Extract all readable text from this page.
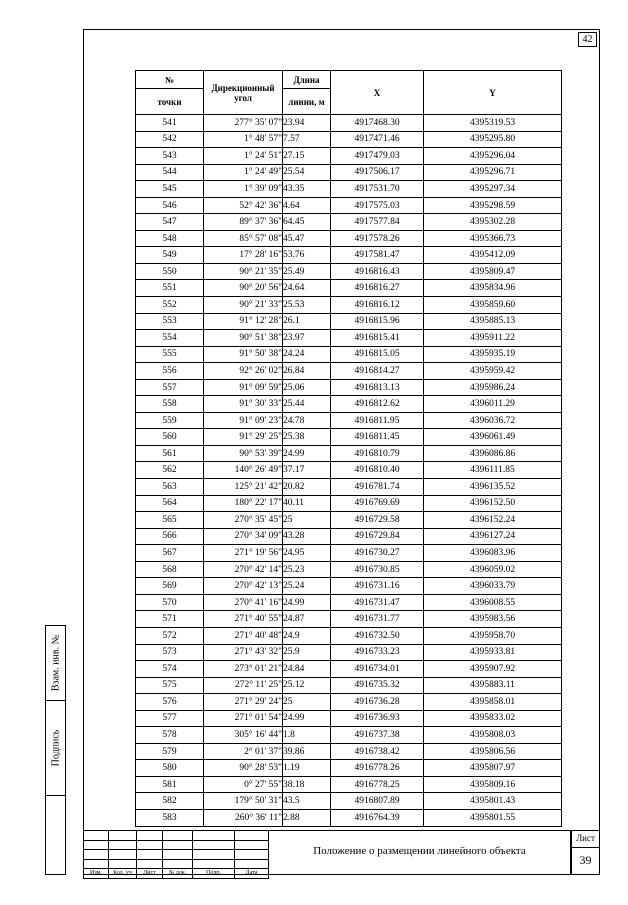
42
№	Дирекционный угол	Длина	X	Y
точки		линии, м		
541	277° 35' 07"	23.94	4917468.30	4395319.53
542	1° 48' 57"	7.57	4917471.46	4395295.80
543	1° 24' 51"	27.15	4917479.03	4395296.04
544	1° 24' 49"	25.54	4917506.17	4395296.71
545	1° 39' 09"	43.35	4917531.70	4395297.34
546	52° 42' 36"	4.64	4917575.03	4395298.59
547	89° 37' 36"	64.45	4917577.84	4395302.28
548	85° 57' 08"	45.47	4917578.26	4395366.73
549	17° 28' 16"	53.76	4917581.47	4395412.09
550	90° 21' 35"	25.49	4916816.43	4395809.47
551	90° 20' 56"	24.64	4916816.27	4395834.96
552	90° 21' 33"	25.53	4916816.12	4395859.60
553	91° 12' 28"	26.1	4916815.96	4395885.13
554	90° 51' 38"	23.97	4916815.41	4395911.22
555	91° 50' 38"	24.24	4916815.05	4395935.19
556	92° 26' 02"	26.84	4916814.27	4395959.42
557	91° 09' 59"	25.06	4916813.13	4395986.24
558	91° 30' 33"	25.44	4916812.62	4396011.29
559	91° 09' 23"	24.78	4916811.95	4396036.72
560	91° 29' 25"	25.38	4916811.45	4396061.49
561	90° 53' 39"	24.99	4916810.79	4396086.86
562	140° 26' 49"	37.17	4916810.40	4396111.85
563	125° 21' 42"	20.82	4916781.74	4396135.52
564	180° 22' 17"	40.11	4916769.69	4396152.50
565	270° 35' 45"	25	4916729.58	4396152.24
566	270° 34' 09"	43.28	4916729.84	4396127.24
567	271° 19' 56"	24.95	4916730.27	4396083.96
568	270° 42' 14"	25.23	4916730.85	4396059.02
569	270° 42' 13"	25.24	4916731.16	4396033.79
570	270° 41' 16"	24.99	4916731.47	4396008.55
571	271° 40' 55"	24.87	4916731.77	4395983.56
572	271° 40' 48"	24.9	4916732.50	4395958.70
573	271° 43' 32"	25.9	4916733.23	4395933.81
574	273° 01' 21"	24.84	4916734.01	4395907.92
575	272° 11' 25"	25.12	4916735.32	4395883.11
576	271° 29' 24"	25	4916736.28	4395858.01
577	271° 01' 54"	24.99	4916736.93	4395833.02
578	305° 16' 44"	1.8	4916737.38	4395808.03
579	2° 01' 37"	39.86	4916738.42	4395806.56
580	90° 28' 53"	1.19	4916778.26	4395807.97
581	0° 27' 55"	38.18	4916778.25	4395809.16
582	179° 50' 31"	43.5	4916807.89	4395801.43
583	260° 36' 11"	2.88	4916764.39	4395801.55
Взам. инв. №
Подпись

Изм.	Кол. уч	Лист	№ док.	Подп.	Дата
Положение о размещении линейного объекта
Лист
39
